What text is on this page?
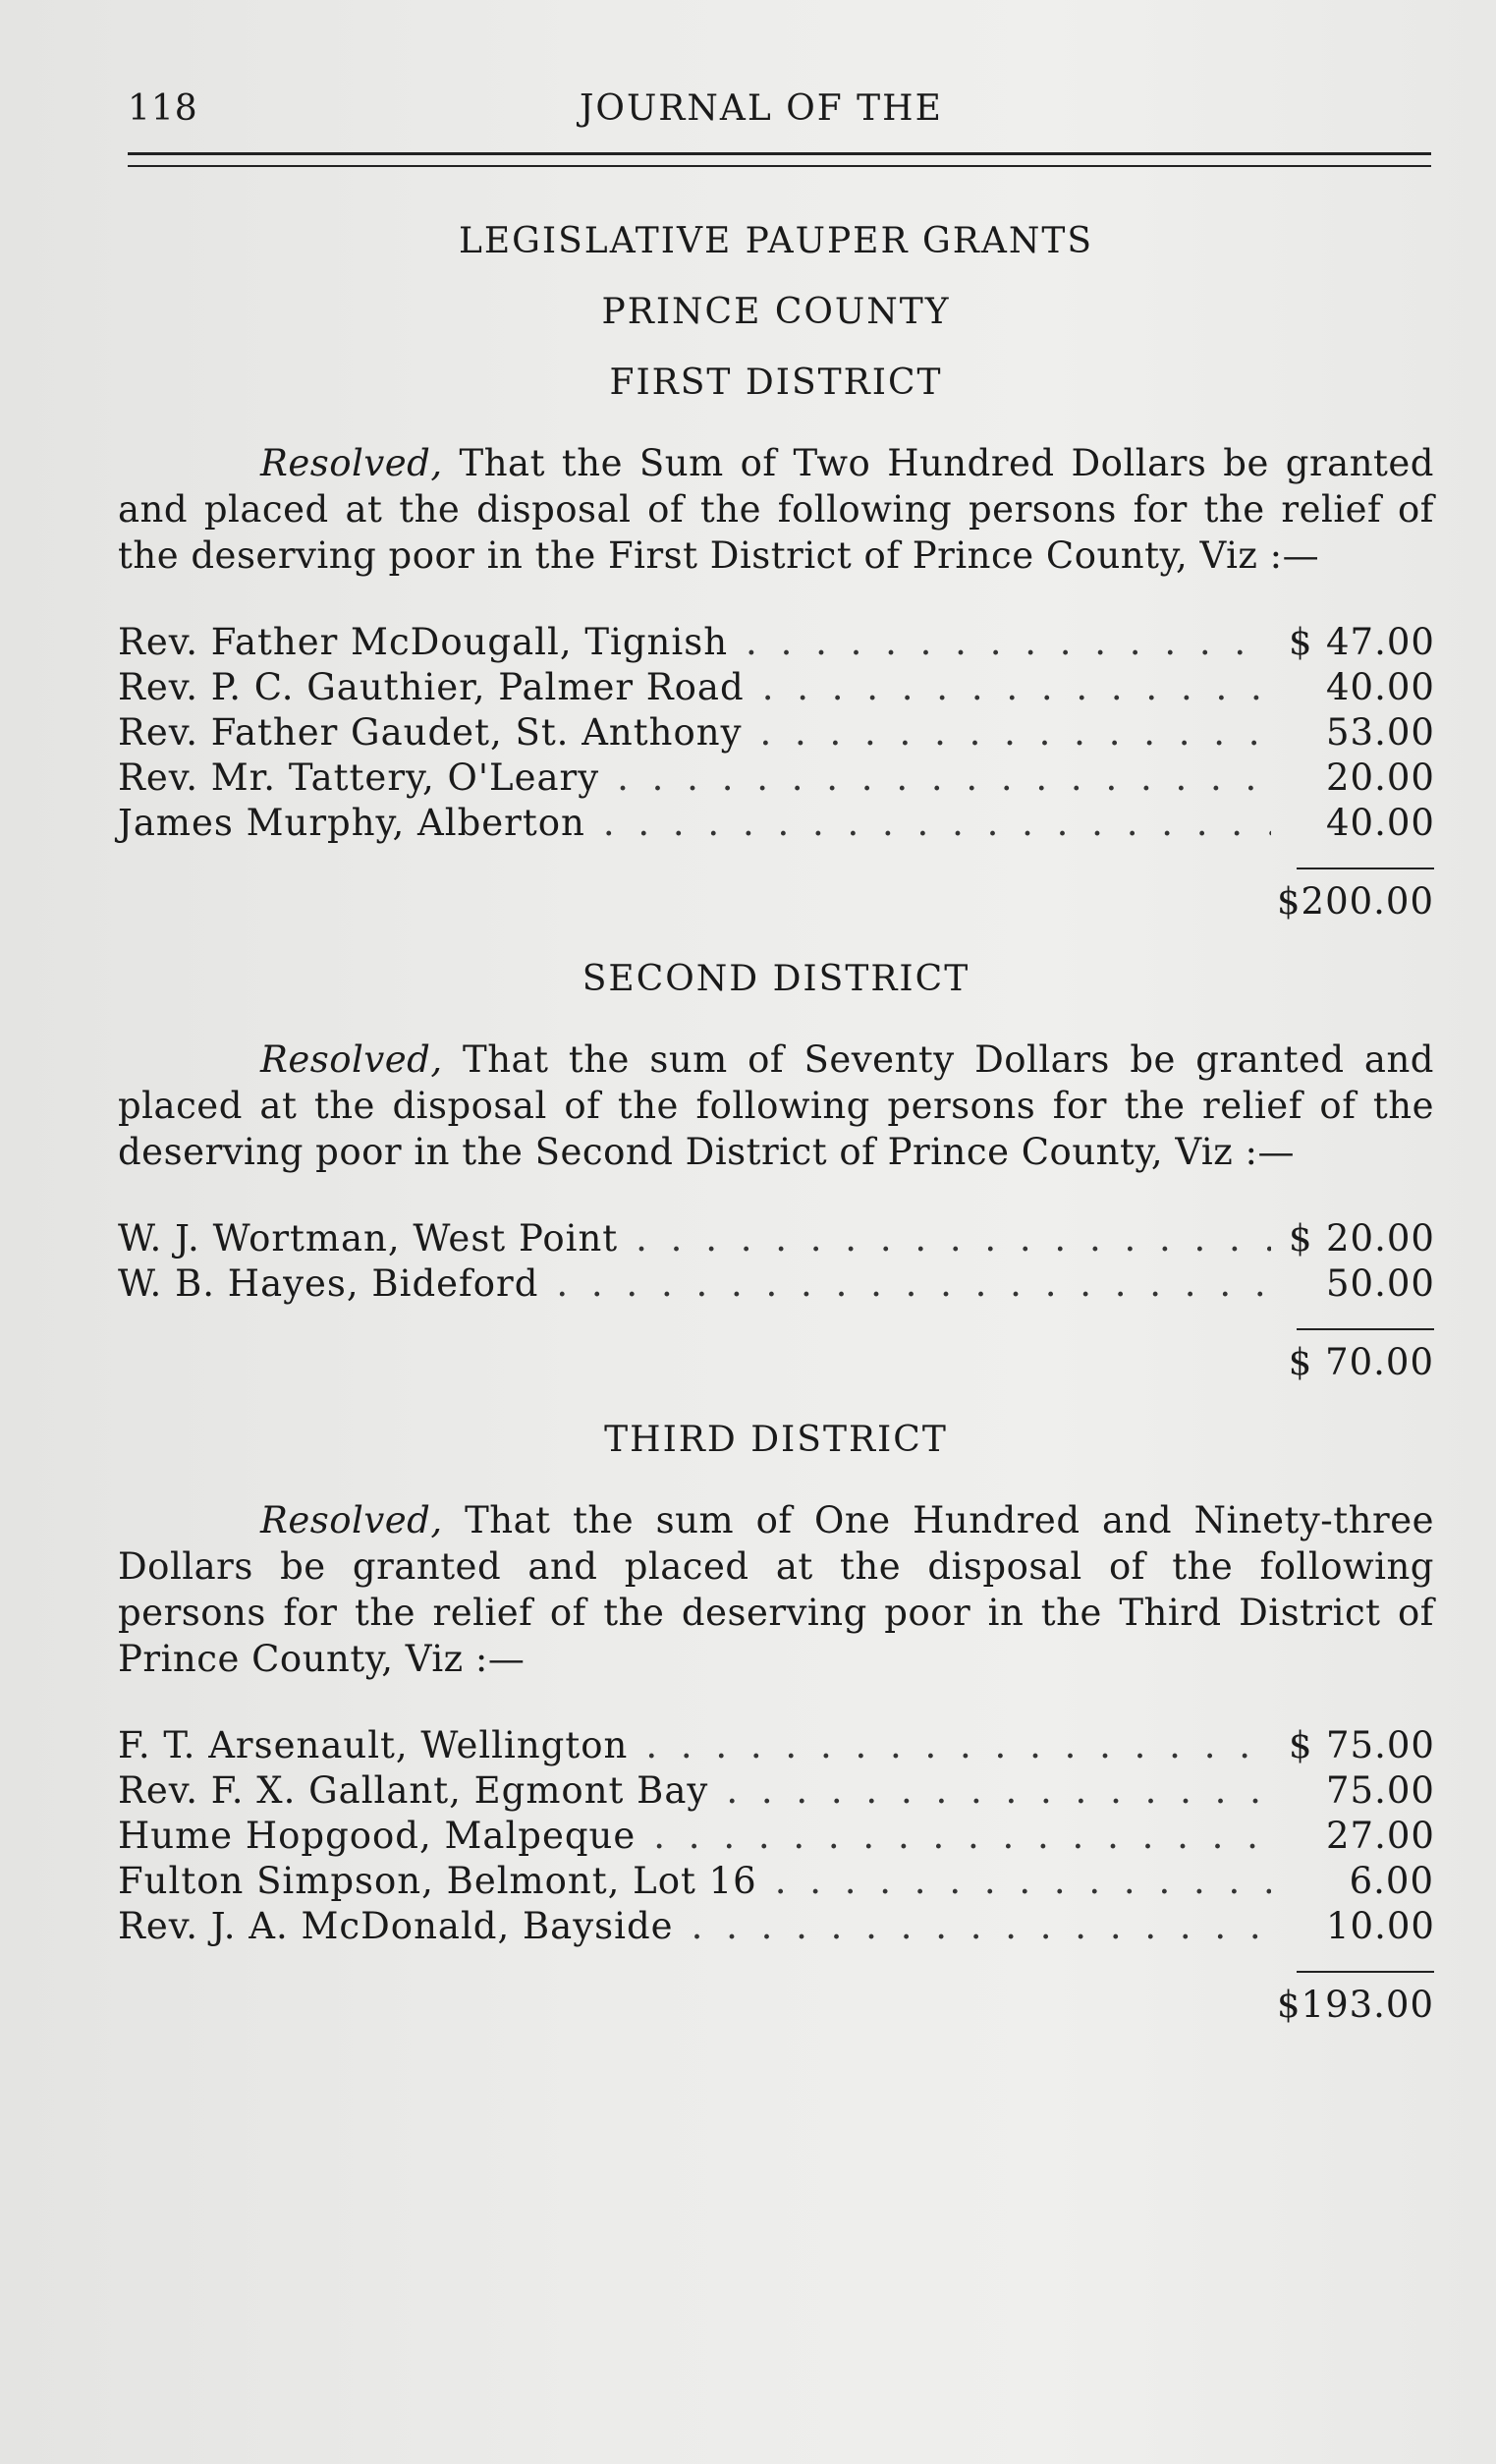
118	JOURNAL OF THE

LEGISLATIVE PAUPER GRANTS

PRINCE COUNTY

FIRST DISTRICT

Resolved, That the Sum of Two Hundred Dollars be granted and placed at the disposal of the following persons for the relief of the deserving poor in the First District of Prince County, Viz :—

Rev. Father McDougall, Tignish . . .	$ 47.00
Rev. P. C. Gauthier, Palmer Road . . .	40.00
Rev. Father Gaudet, St. Anthony . . .	53.00
Rev. Mr. Tattery, O'Leary . . .	20.00
James Murphy, Alberton . . .	40.00
$200.00

SECOND DISTRICT

Resolved, That the sum of Seventy Dollars be granted and placed at the disposal of the following persons for the relief of the deserving poor in the Second District of Prince County, Viz :—

W. J. Wortman, West Point . . .	$ 20.00
W. B. Hayes, Bideford . . .	50.00
$ 70.00

THIRD DISTRICT

Resolved, That the sum of One Hundred and Ninety-three Dollars be granted and placed at the disposal of the following persons for the relief of the deserving poor in the Third District of Prince County, Viz :—

F. T. Arsenault, Wellington . . .	$ 75.00
Rev. F. X. Gallant, Egmont Bay . . .	75.00
Hume Hopgood, Malpeque . . .	27.00
Fulton Simpson, Belmont, Lot 16 . . .	6.00
Rev. J. A. McDonald, Bayside . . .	10.00
$193.00
